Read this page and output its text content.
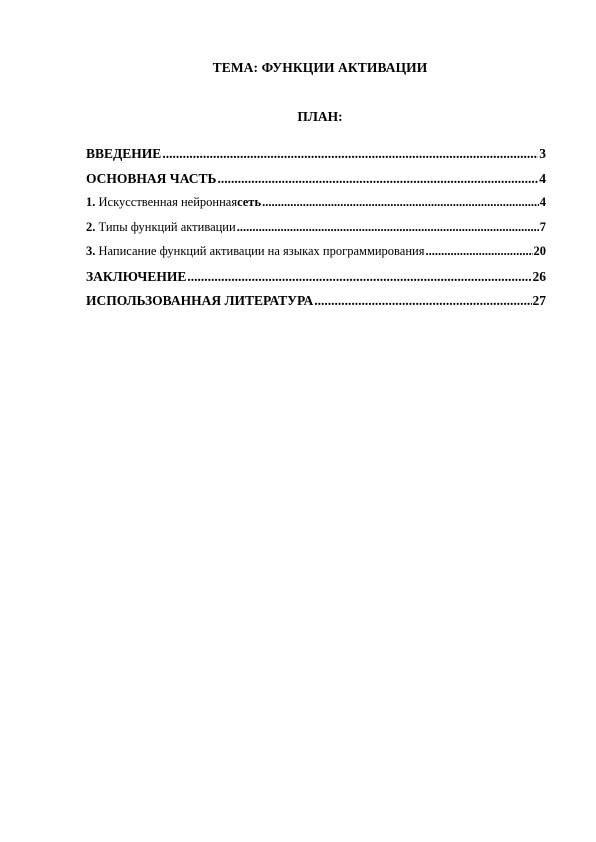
ТЕМА: ФУНКЦИИ АКТИВАЦИИ
ПЛАН:
ВВЕДЕНИЕ .....	3
ОСНОВНАЯ ЧАСТЬ .....	4
1. Искусственная нейроннаясеть .....	4
2. Типы функций активации .....	7
3. Написание функций активации на языках программирования .....	20
ЗАКЛЮЧЕНИЕ .....	26
ИСПОЛЬЗОВАННАЯ ЛИТЕРАТУРА .....	27
